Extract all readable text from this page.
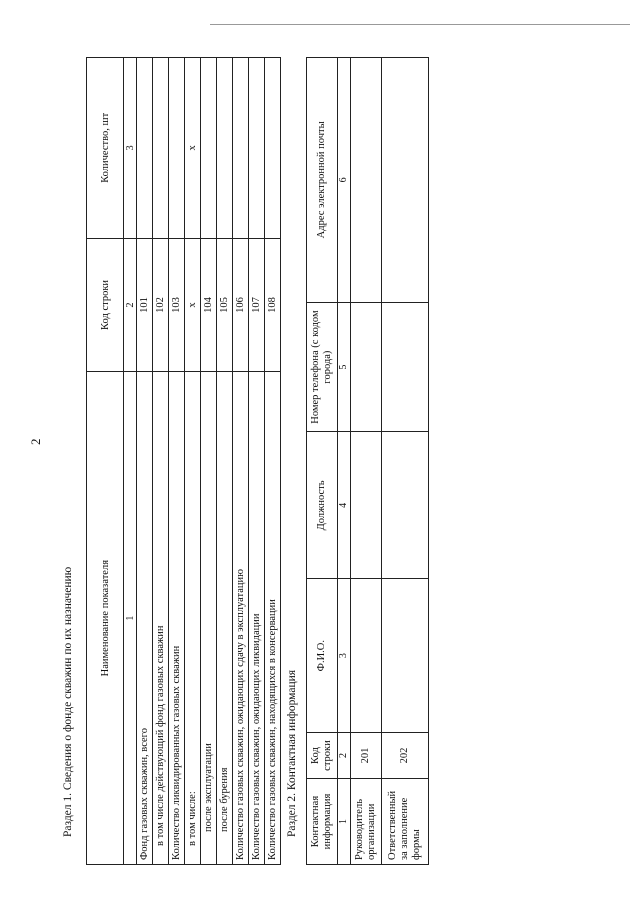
2
Раздел 1. Сведения о фонде скважин по их назначению Наименование показателя	Код строки	Количество, шт
1	2	3
Фонд газовых скважин, всего	101	
в том числе действующий фонд газовых скважин	102	
Количество ликвидированных газовых скважин	103	
в том числе:	x	x
после эксплуатации	104	
после бурения	105	
Количество газовых скважин, ожидающих сдачу в эксплуатацию	106	
Количество газовых скважин, ожидающих ликвидации	107	
Количество газовых скважин, находящихся в консервации	108	
Раздел 2. Контактная информация Контактная информация	Код строки	Ф.И.О.	Должность	Номер телефона (с кодом города)	Адрес электронной почты
1	2	3	4	5	6
Руководитель организации	201				
Ответственный за заполнение формы	202				
